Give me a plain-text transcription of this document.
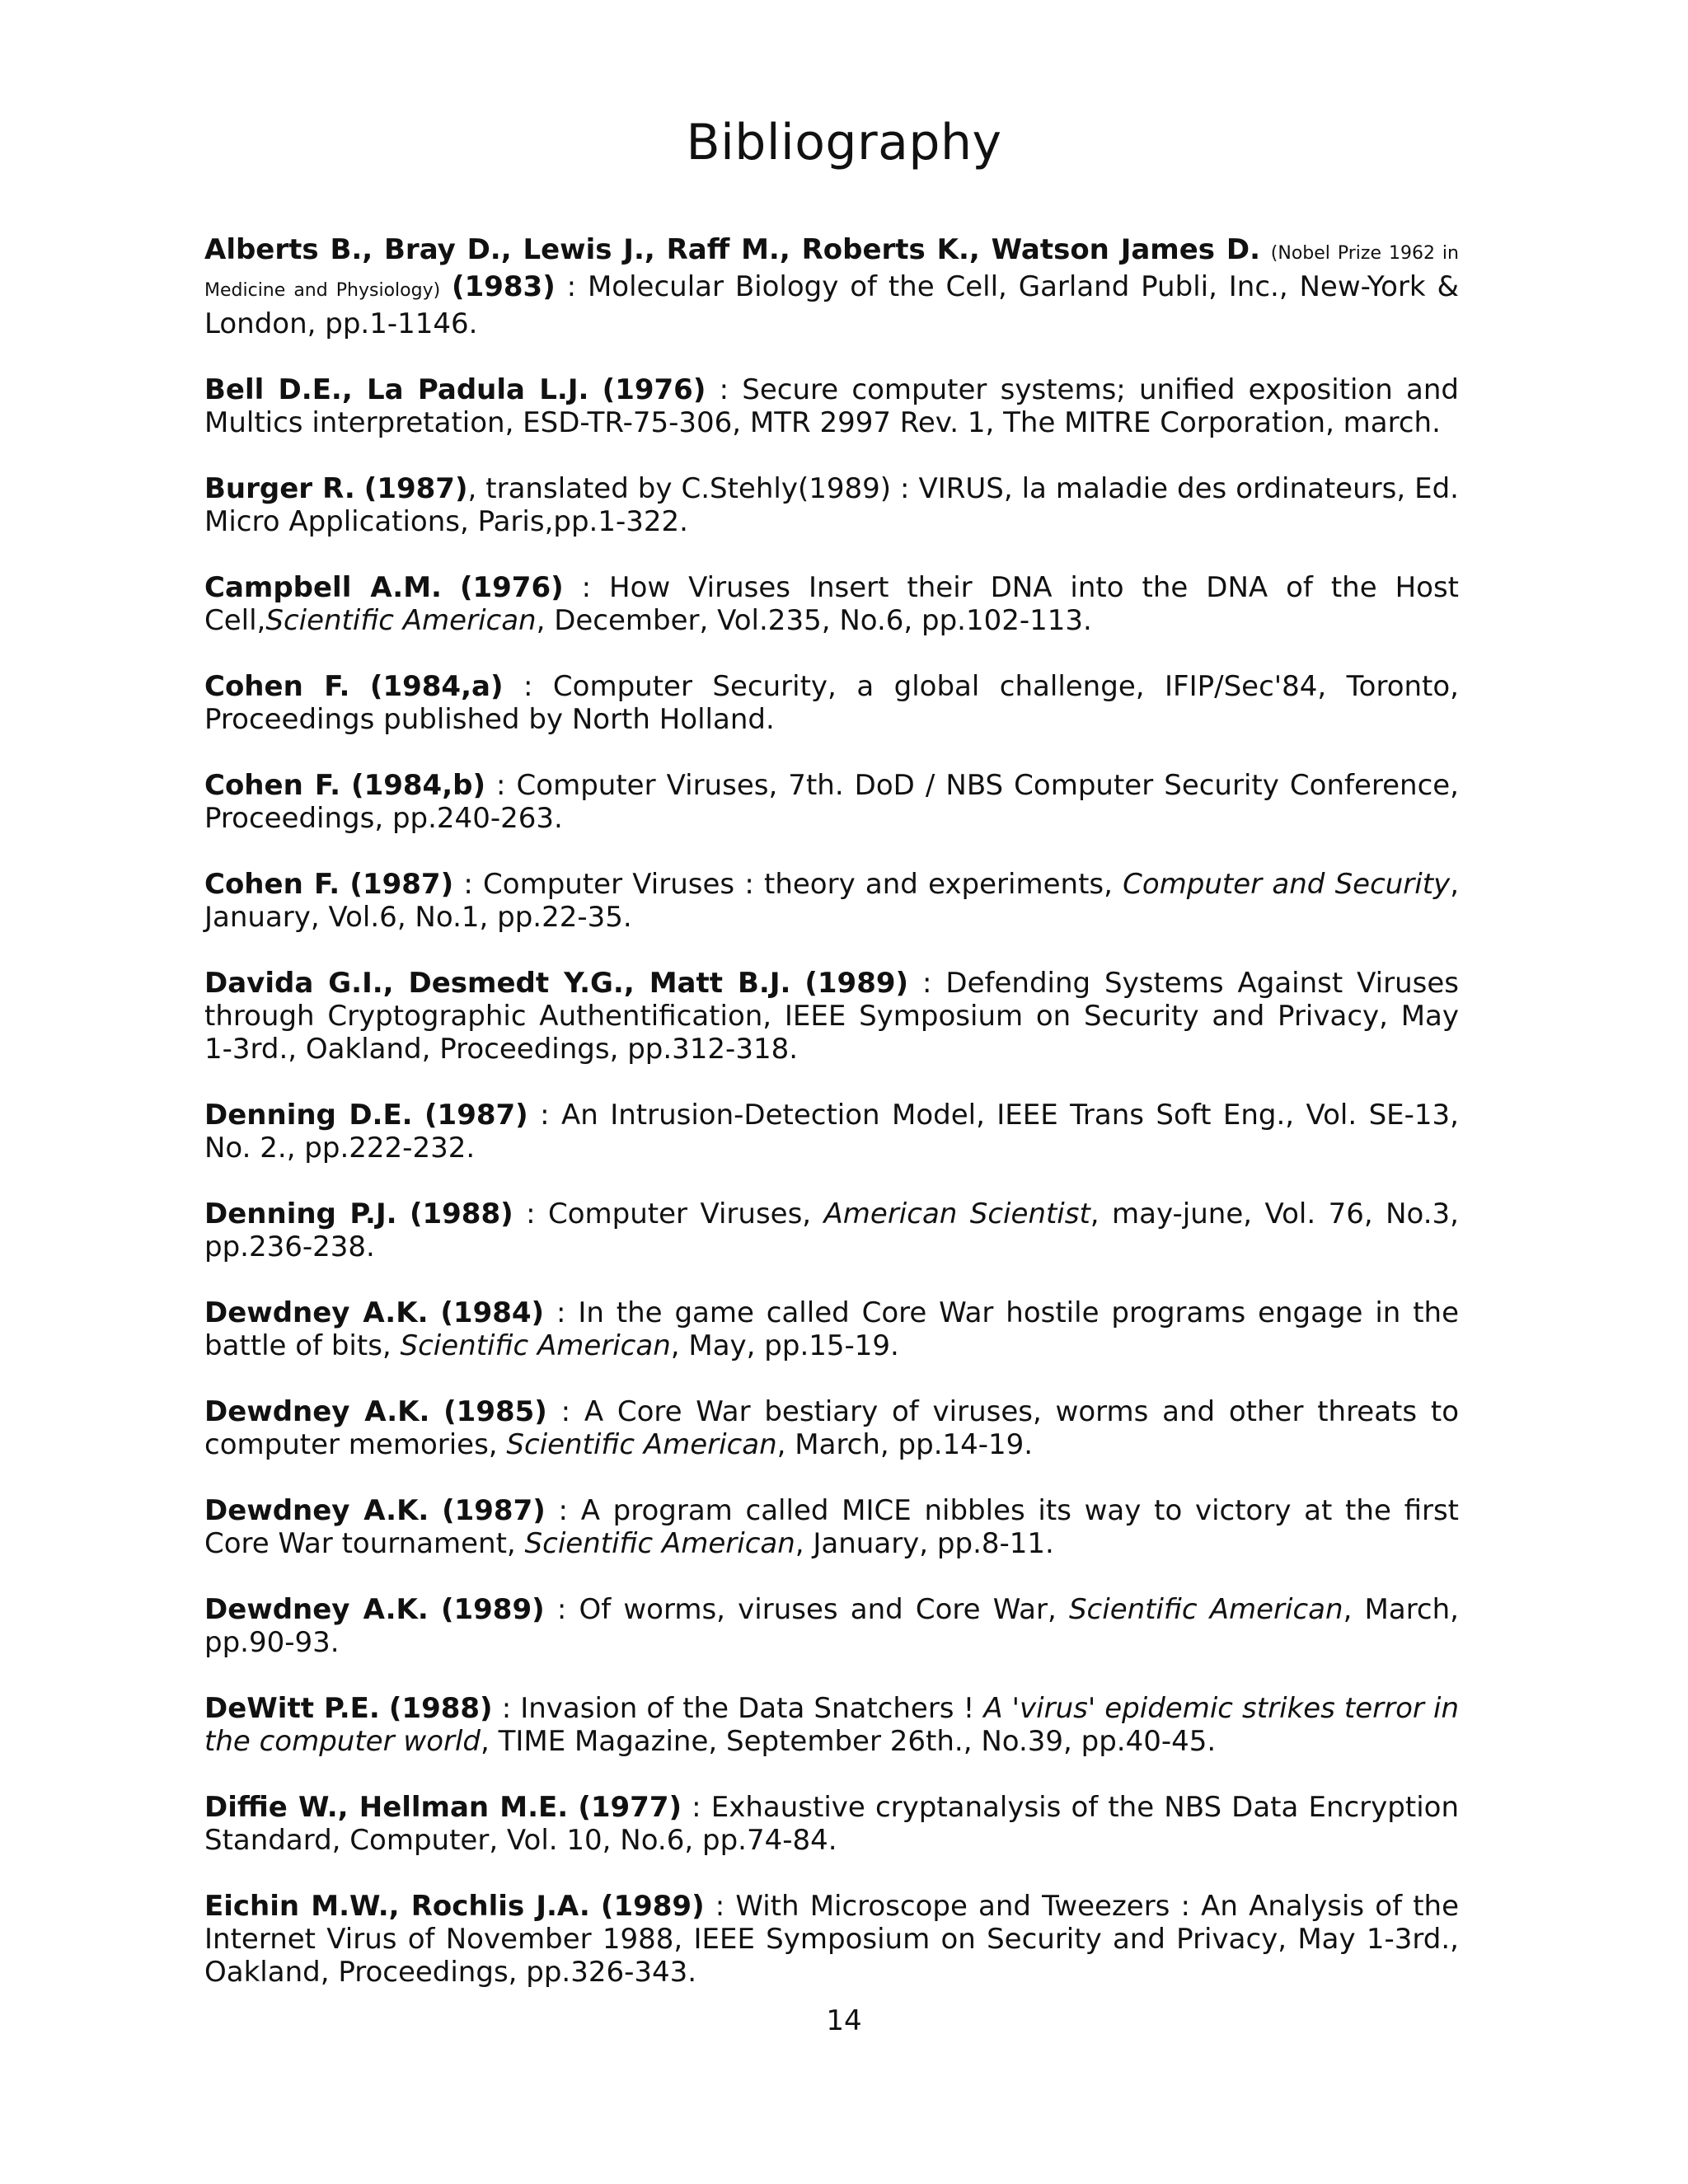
Bibliography

Alberts B., Bray D., Lewis J., Raff M., Roberts K., Watson James D. (Nobel Prize 1962 in Medicine and Physiology) (1983) : Molecular Biology of the Cell, Garland Publi, Inc., New-York & London, pp.1-1146.

Bell D.E., La Padula L.J. (1976) : Secure computer systems; unified exposition and Multics interpretation, ESD-TR-75-306, MTR 2997 Rev. 1, The MITRE Corporation, march.

Burger R. (1987), translated by C.Stehly(1989) : VIRUS, la maladie des ordinateurs, Ed. Micro Applications, Paris,pp.1-322.

Campbell A.M. (1976) : How Viruses Insert their DNA into the DNA of the Host Cell,Scientific American, December, Vol.235, No.6, pp.102-113.

Cohen F. (1984,a) : Computer Security, a global challenge, IFIP/Sec'84, Toronto, Proceedings published by North Holland.

Cohen F. (1984,b) : Computer Viruses, 7th. DoD / NBS Computer Security Conference, Proceedings, pp.240-263.

Cohen F. (1987) : Computer Viruses : theory and experiments, Computer and Security, January, Vol.6, No.1, pp.22-35.

Davida G.I., Desmedt Y.G., Matt B.J. (1989) : Defending Systems Against Viruses through Cryptographic Authentification, IEEE Symposium on Security and Privacy, May 1-3rd., Oakland, Proceedings, pp.312-318.

Denning D.E. (1987) : An Intrusion-Detection Model, IEEE Trans Soft Eng., Vol. SE-13, No. 2., pp.222-232.

Denning P.J. (1988) : Computer Viruses, American Scientist, may-june, Vol. 76, No.3, pp.236-238.

Dewdney A.K. (1984) : In the game called Core War hostile programs engage in the battle of bits, Scientific American, May, pp.15-19.

Dewdney A.K. (1985) : A Core War bestiary of viruses, worms and other threats to computer memories, Scientific American, March, pp.14-19.

Dewdney A.K. (1987) : A program called MICE nibbles its way to victory at the first Core War tournament, Scientific American, January, pp.8-11.

Dewdney A.K. (1989) : Of worms, viruses and Core War, Scientific American, March, pp.90-93.

DeWitt P.E. (1988) : Invasion of the Data Snatchers ! A 'virus' epidemic strikes terror in the computer world, TIME Magazine, September 26th., No.39, pp.40-45.

Diffie W., Hellman M.E. (1977) : Exhaustive cryptanalysis of the NBS Data Encryption Standard, Computer, Vol. 10, No.6, pp.74-84.

Eichin M.W., Rochlis J.A. (1989) : With Microscope and Tweezers : An Analysis of the Internet Virus of November 1988, IEEE Symposium on Security and Privacy, May 1-3rd., Oakland, Proceedings, pp.326-343.

14
